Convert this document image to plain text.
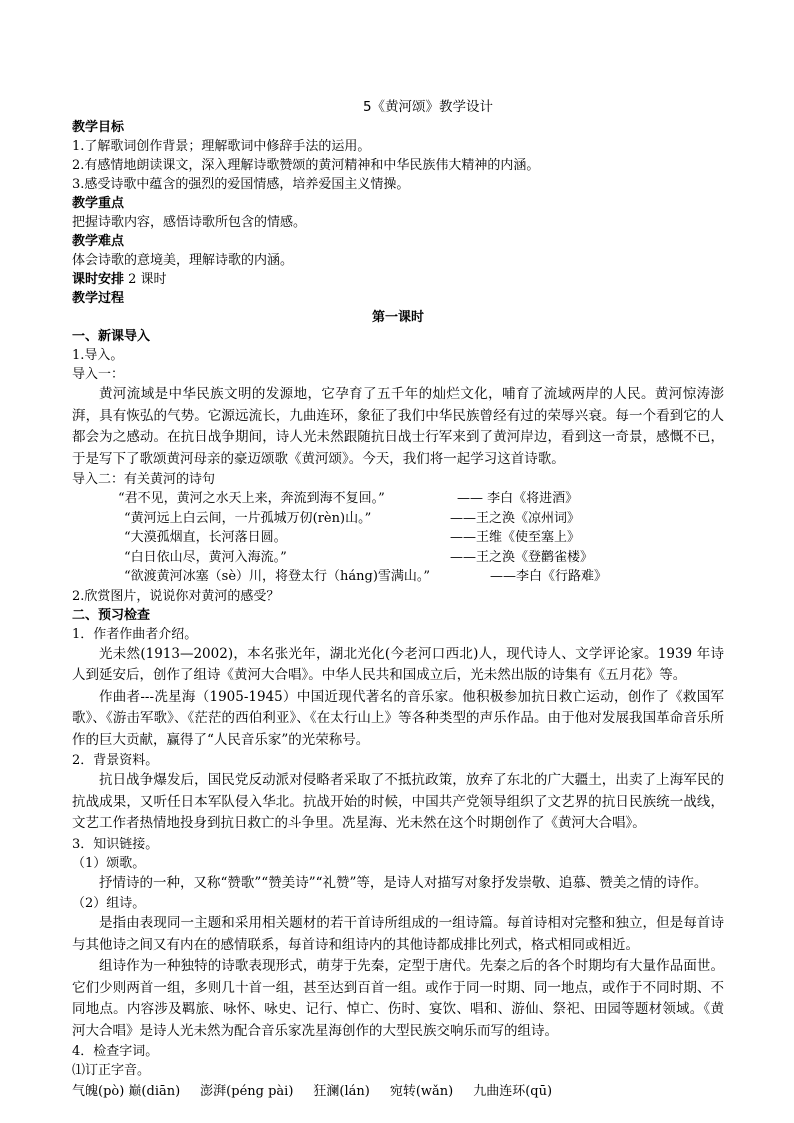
5《黄河颂》教学设计
教学目标
1.了解歌词创作背景；理解歌词中修辞手法的运用。
2.有感情地朗读课文，深入理解诗歌赞颂的黄河精神和中华民族伟大精神的内涵。
3.感受诗歌中蕴含的强烈的爱国情感，培养爱国主义情操。
教学重点
把握诗歌内容，感悟诗歌所包含的情感。
教学难点
体会诗歌的意境美，理解诗歌的内涵。
课时安排 2 课时
教学过程
第一课时
一、新课导入
1.导入。
导入一：

黄河流域是中华民族文明的发源地，它孕育了五千年的灿烂文化，哺育了流域两岸的人民。黄河惊涛澎湃，具有恢弘的气势。它源远流长，九曲连环，象征了我们中华民族曾经有过的荣辱兴衰。每一个看到它的人都会为之感动。在抗日战争期间，诗人光未然跟随抗日战士行军来到了黄河岸边，看到这一奇景，感慨不已，于是写下了歌颂黄河母亲的豪迈颂歌《黄河颂》。今天，我们将一起学习这首诗歌。

导入二：有关黄河的诗句
“君不见，黄河之水天上来，奔流到海不复回。”	—— 李白《将进酒》
“黄河远上白云间，一片孤城万仞(rèn)山。”	——王之涣《凉州词》
“大漠孤烟直，长河落日圆。	——王维《使至塞上》
“白日依山尽，黄河入海流。”	——王之涣《登鹳雀楼》
“欲渡黄河冰塞（sè）川，将登太行（háng)雪满山。”	——李白《行路难》
2.欣赏图片，说说你对黄河的感受？
二、预习检查
1．作者作曲者介绍。

光未然(1913—2002)，本名张光年，湖北光化(今老河口西北)人，现代诗人、文学评论家。1939 年诗人到延安后，创作了组诗《黄河大合唱》。中华人民共和国成立后，光未然出版的诗集有《五月花》等。

作曲者---冼星海（1905-1945）中国近现代著名的音乐家。他积极参加抗日救亡运动，创作了《救国军歌》、《游击军歌》、《茫茫的西伯利亚》、《在太行山上》等各种类型的声乐作品。由于他对发展我国革命音乐所作的巨大贡献，赢得了“人民音乐家”的光荣称号。

2．背景资料。

抗日战争爆发后，国民党反动派对侵略者采取了不抵抗政策，放弃了东北的广大疆土，出卖了上海军民的抗战成果，又听任日本军队侵入华北。抗战开始的时候，中国共产党领导组织了文艺界的抗日民族统一战线，文艺工作者热情地投身到抗日救亡的斗争里。冼星海、光未然在这个时期创作了《黄河大合唱》。

3．知识链接。
（1）颂歌。

抒情诗的一种，又称“赞歌”“赞美诗”“礼赞”等，是诗人对描写对象抒发崇敬、追慕、赞美之情的诗作。

（2）组诗。

是指由表现同一主题和采用相关题材的若干首诗所组成的一组诗篇。每首诗相对完整和独立，但是每首诗与其他诗之间又有内在的感情联系，每首诗和组诗内的其他诗都成排比列式，格式相同或相近。

组诗作为一种独特的诗歌表现形式，萌芽于先秦，定型于唐代。先秦之后的各个时期均有大量作品面世。它们少则两首一组，多则几十首一组，甚至达到百首一组。或作于同一时期、同一地点，或作于不同时期、不同地点。内容涉及羁旅、咏怀、咏史、记行、悼亡、伤时、宴饮、唱和、游仙、祭祀、田园等题材领域。《黄河大合唱》是诗人光未然为配合音乐家冼星海创作的大型民族交响乐而写的组诗。

4．检查字词。
⑴订正字音。
气魄(pò) 巅(diān) 澎湃(péng pài) 狂澜(lán) 宛转(wǎn) 九曲连环(qū)
